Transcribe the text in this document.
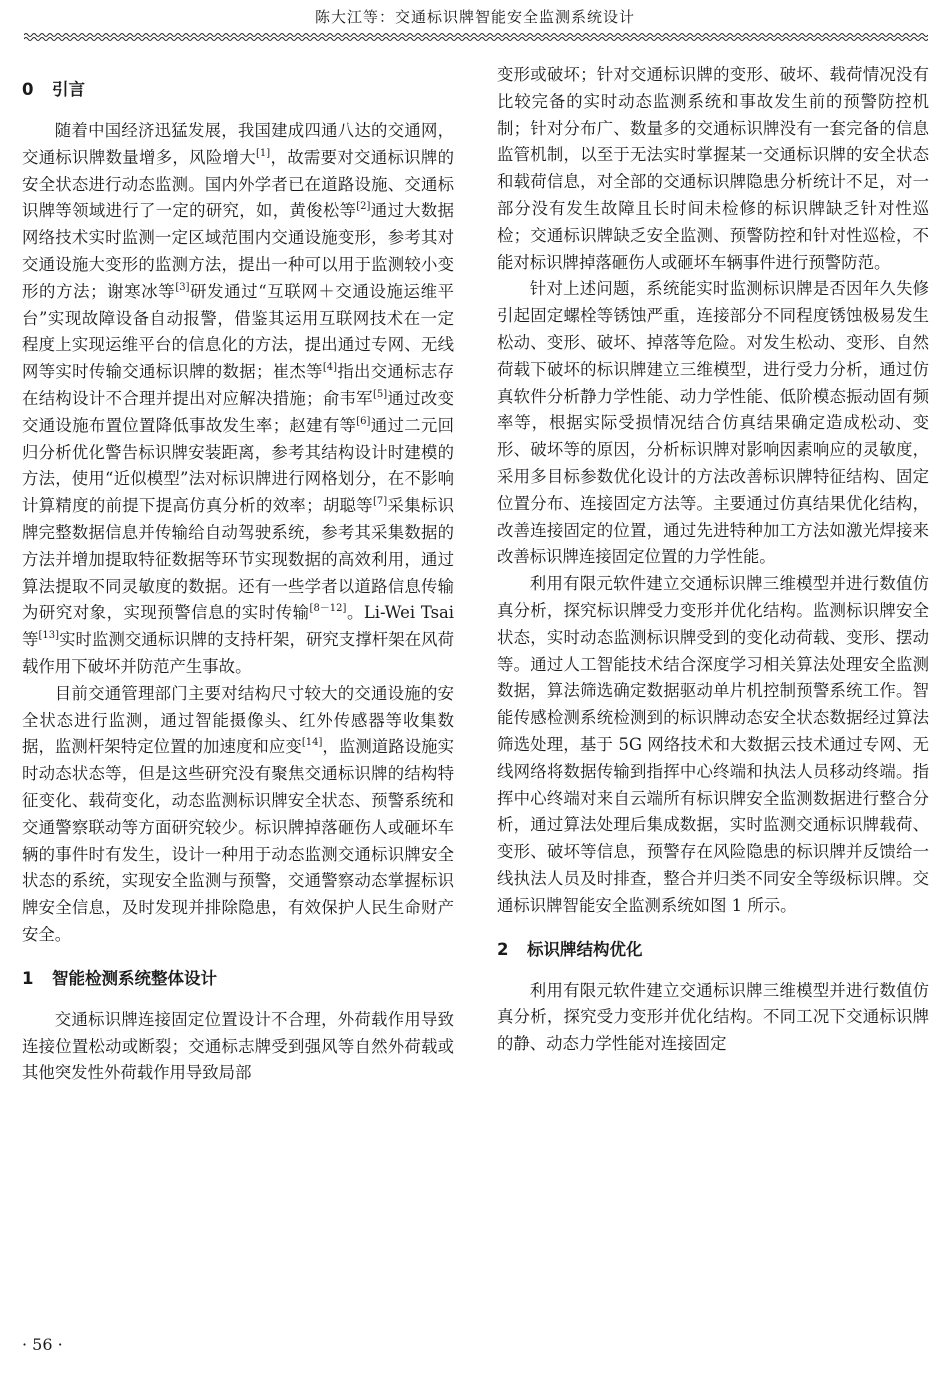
陈大江等：交通标识牌智能安全监测系统设计
0 引言

随着中国经济迅猛发展，我国建成四通八达的交通网，交通标识牌数量增多，风险增大[1]，故需要对交通标识牌的安全状态进行动态监测。国内外学者已在道路设施、交通标识牌等领域进行了一定的研究，如，黄俊松等[2]通过大数据网络技术实时监测一定区域范围内交通设施变形，参考其对交通设施大变形的监测方法，提出一种可以用于监测较小变形的方法；谢寒冰等[3]研发通过“互联网＋交通设施运维平台”实现故障设备自动报警，借鉴其运用互联网技术在一定程度上实现运维平台的信息化的方法，提出通过专网、无线网等实时传输交通标识牌的数据；崔杰等[4]指出交通标志存在结构设计不合理并提出对应解决措施；俞韦军[5]通过改变交通设施布置位置降低事故发生率；赵建有等[6]通过二元回归分析优化警告标识牌安装距离，参考其结构设计时建模的方法，使用“近似模型”法对标识牌进行网格划分，在不影响计算精度的前提下提高仿真分析的效率；胡聪等[7]采集标识牌完整数据信息并传输给自动驾驶系统，参考其采集数据的方法并增加提取特征数据等环节实现数据的高效利用，通过算法提取不同灵敏度的数据。还有一些学者以道路信息传输为研究对象，实现预警信息的实时传输[8－12]。Li-Wei Tsai 等[13]实时监测交通标识牌的支持杆架，研究支撑杆架在风荷载作用下破坏并防范产生事故。

目前交通管理部门主要对结构尺寸较大的交通设施的安全状态进行监测，通过智能摄像头、红外传感器等收集数据，监测杆架特定位置的加速度和应变[14]，监测道路设施实时动态状态等，但是这些研究没有聚焦交通标识牌的结构特征变化、载荷变化，动态监测标识牌安全状态、预警系统和交通警察联动等方面研究较少。标识牌掉落砸伤人或砸坏车辆的事件时有发生，设计一种用于动态监测交通标识牌安全状态的系统，实现安全监测与预警，交通警察动态掌握标识牌安全信息，及时发现并排除隐患，有效保护人民生命财产安全。

1 智能检测系统整体设计

交通标识牌连接固定位置设计不合理，外荷载作用导致连接位置松动或断裂；交通标志牌受到强风等自然外荷载或其他突发性外荷载作用导致局部

变形或破坏；针对交通标识牌的变形、破坏、载荷情况没有比较完备的实时动态监测系统和事故发生前的预警防控机制；针对分布广、数量多的交通标识牌没有一套完备的信息监管机制，以至于无法实时掌握某一交通标识牌的安全状态和载荷信息，对全部的交通标识牌隐患分析统计不足，对一部分没有发生故障且长时间未检修的标识牌缺乏针对性巡检；交通标识牌缺乏安全监测、预警防控和针对性巡检，不能对标识牌掉落砸伤人或砸坏车辆事件进行预警防范。

针对上述问题，系统能实时监测标识牌是否因年久失修引起固定螺栓等锈蚀严重，连接部分不同程度锈蚀极易发生松动、变形、破坏、掉落等危险。对发生松动、变形、自然荷载下破坏的标识牌建立三维模型，进行受力分析，通过仿真软件分析静力学性能、动力学性能、低阶模态振动固有频率等，根据实际受损情况结合仿真结果确定造成松动、变形、破坏等的原因，分析标识牌对影响因素响应的灵敏度，采用多目标参数优化设计的方法改善标识牌特征结构、固定位置分布、连接固定方法等。主要通过仿真结果优化结构，改善连接固定的位置，通过先进特种加工方法如激光焊接来改善标识牌连接固定位置的力学性能。

利用有限元软件建立交通标识牌三维模型并进行数值仿真分析，探究标识牌受力变形并优化结构。监测标识牌安全状态，实时动态监测标识牌受到的变化动荷载、变形、摆动等。通过人工智能技术结合深度学习相关算法处理安全监测数据，算法筛选确定数据驱动单片机控制预警系统工作。智能传感检测系统检测到的标识牌动态安全状态数据经过算法筛选处理，基于 5G 网络技术和大数据云技术通过专网、无线网络将数据传输到指挥中心终端和执法人员移动终端。指挥中心终端对来自云端所有标识牌安全监测数据进行整合分析，通过算法处理后集成数据，实时监测交通标识牌载荷、变形、破坏等信息，预警存在风险隐患的标识牌并反馈给一线执法人员及时排查，整合并归类不同安全等级标识牌。交通标识牌智能安全监测系统如图 1 所示。

2 标识牌结构优化

利用有限元软件建立交通标识牌三维模型并进行数值仿真分析，探究受力变形并优化结构。不同工况下交通标识牌的静、动态力学性能对连接固定

· 56 ·
